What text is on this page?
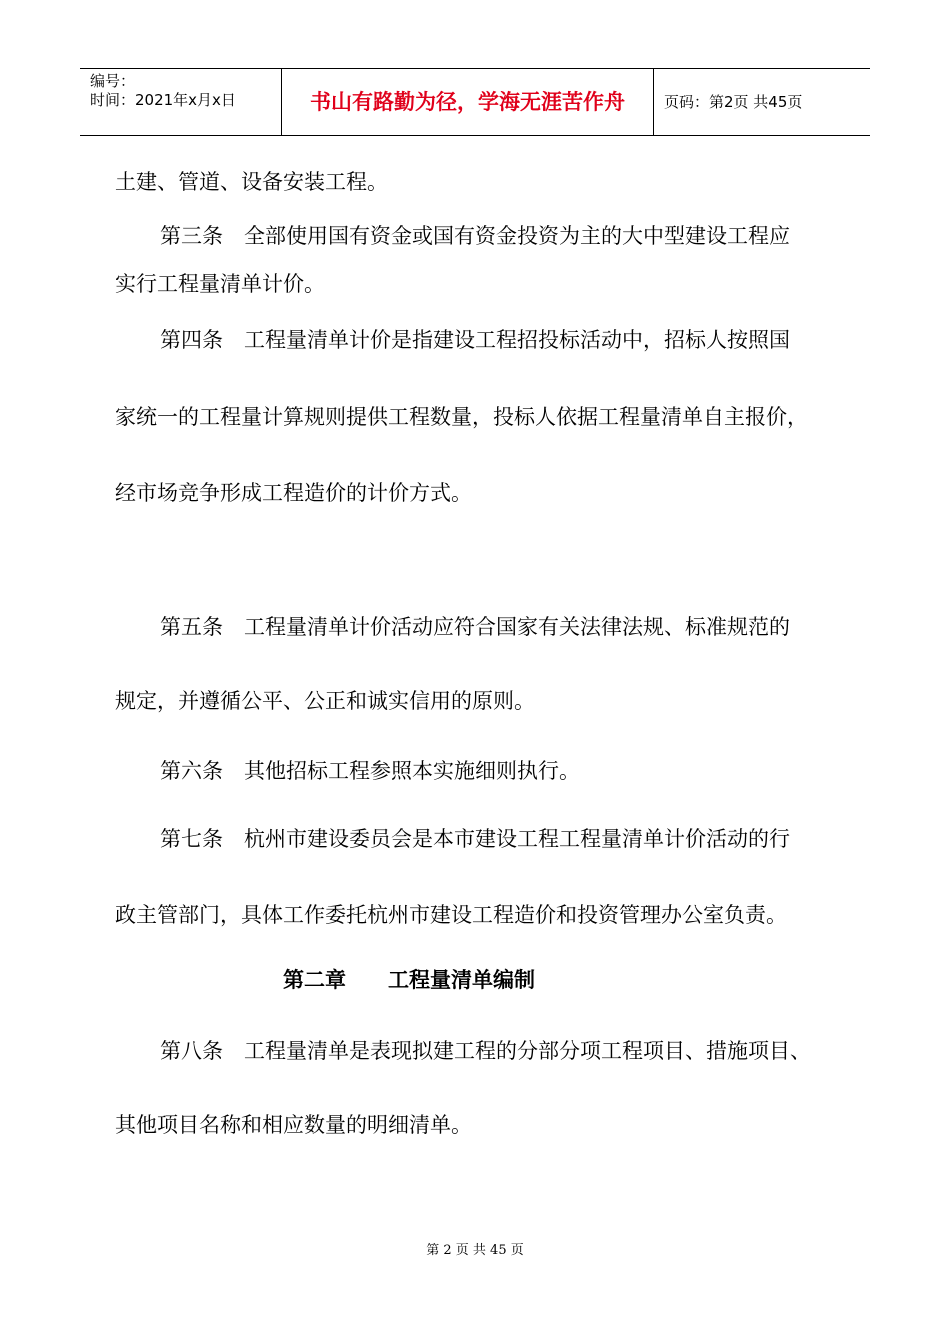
编号：
时间：2021年x月x日	书山有路勤为径，学海无涯苦作舟	页码：第2页 共45页
土建、管道、设备安装工程。
第三条　全部使用国有资金或国有资金投资为主的大中型建设工程应
实行工程量清单计价。
第四条　工程量清单计价是指建设工程招投标活动中，招标人按照国
家统一的工程量计算规则提供工程数量，投标人依据工程量清单自主报价，
经市场竞争形成工程造价的计价方式。
第五条　工程量清单计价活动应符合国家有关法律法规、标准规范的
规定，并遵循公平、公正和诚实信用的原则。
第六条　其他招标工程参照本实施细则执行。
第七条　杭州市建设委员会是本市建设工程工程量清单计价活动的行
政主管部门，具体工作委托杭州市建设工程造价和投资管理办公室负责。
第二章　　工程量清单编制
第八条　工程量清单是表现拟建工程的分部分项工程项目、措施项目、
其他项目名称和相应数量的明细清单。
第 2 页 共 45 页
